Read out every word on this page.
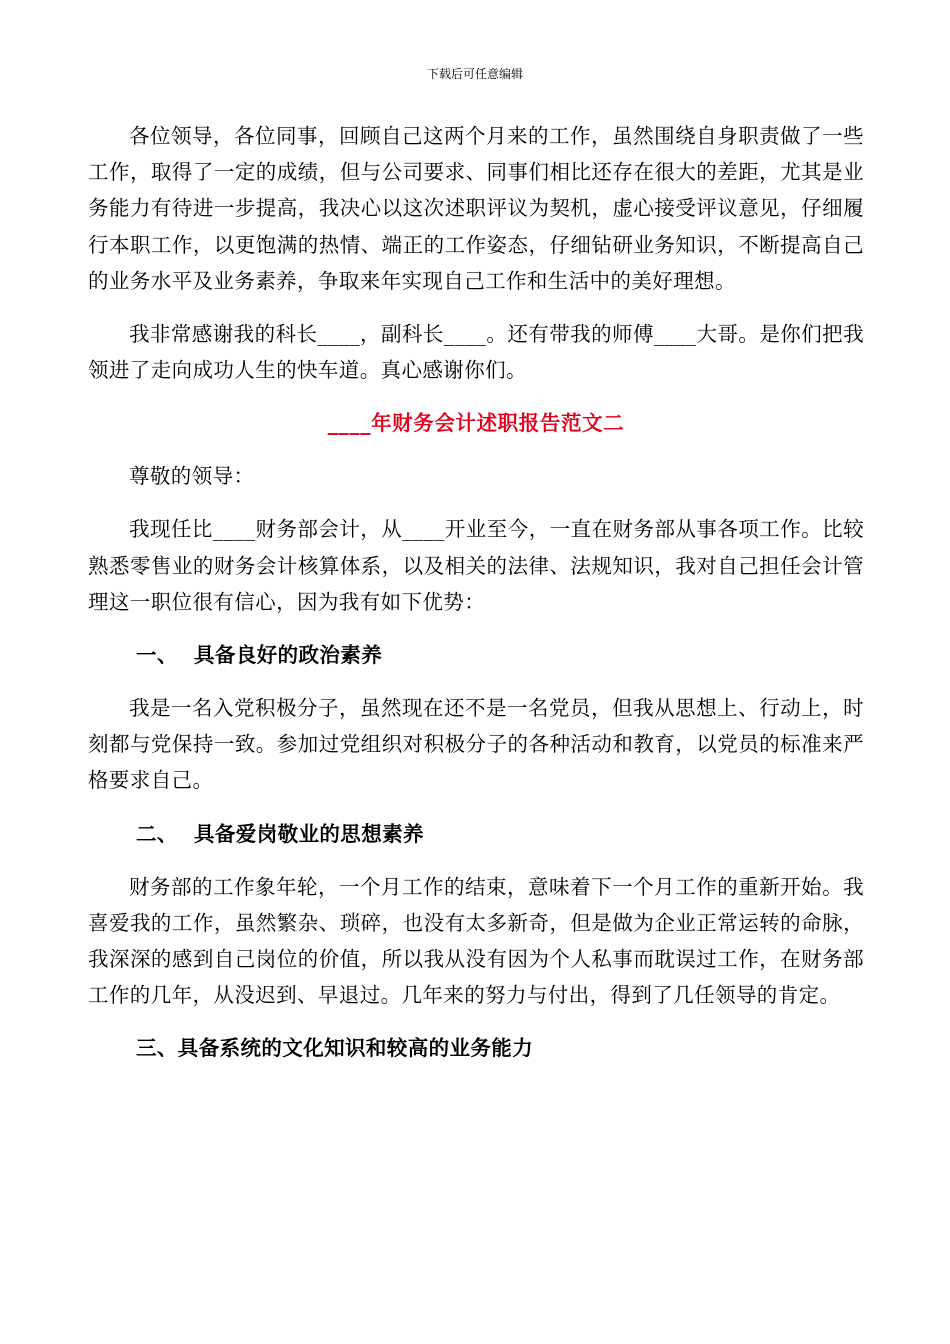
下载后可任意编辑

各位领导，各位同事，回顾自己这两个月来的工作，虽然围绕自身职责做了一些工作，取得了一定的成绩，但与公司要求、同事们相比还存在很大的差距，尤其是业务能力有待进一步提高，我决心以这次述职评议为契机，虚心接受评议意见，仔细履行本职工作，以更饱满的热情、端正的工作姿态，仔细钻研业务知识，不断提高自己的业务水平及业务素养，争取来年实现自己工作和生活中的美好理想。

我非常感谢我的科长____，副科长____。还有带我的师傅____大哥。是你们把我领进了走向成功人生的快车道。真心感谢你们。

____年财务会计述职报告范文二

尊敬的领导：

我现任比____财务部会计，从____开业至今，一直在财务部从事各项工作。比较熟悉零售业的财务会计核算体系，以及相关的法律、法规知识，我对自己担任会计管理这一职位很有信心，因为我有如下优势：

一、 具备良好的政治素养

我是一名入党积极分子，虽然现在还不是一名党员，但我从思想上、行动上，时刻都与党保持一致。参加过党组织对积极分子的各种活动和教育，以党员的标准来严格要求自己。

二、 具备爱岗敬业的思想素养

财务部的工作象年轮，一个月工作的结束，意味着下一个月工作的重新开始。我喜爱我的工作，虽然繁杂、琐碎，也没有太多新奇，但是做为企业正常运转的命脉，我深深的感到自己岗位的价值，所以我从没有因为个人私事而耽误过工作，在财务部工作的几年，从没迟到、早退过。几年来的努力与付出，得到了几任领导的肯定。

三、具备系统的文化知识和较高的业务能力
